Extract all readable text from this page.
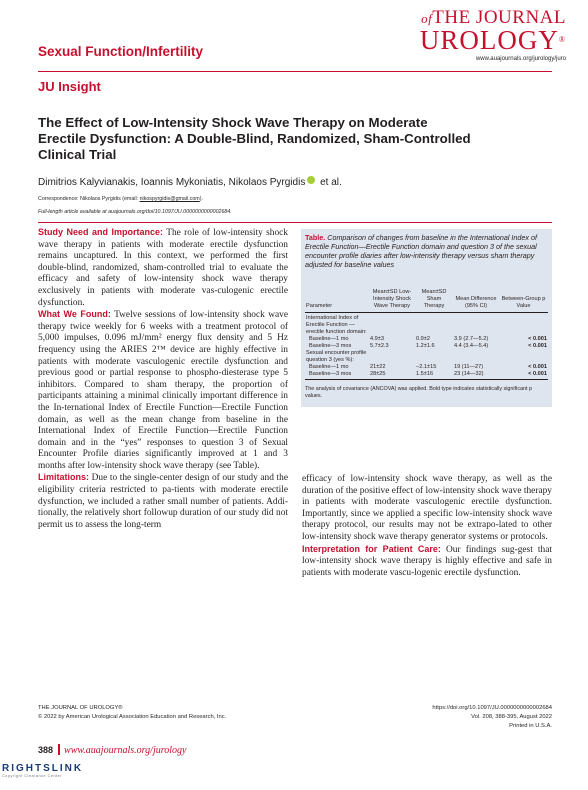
Sexual Function/Infertility
ofTHE JOURNAL
UROLOGY®
www.auajournals.org/jurology/juro
JU Insight
The Effect of Low-Intensity Shock Wave Therapy on Moderate Erectile Dysfunction: A Double-Blind, Randomized, Sham-Controlled Clinical Trial
Dimitrios Kalyvianakis, Ioannis Mykoniatis, Nikolaos Pyrgidis et al.
Correspondence: Nikolaos Pyrgidis (email: nikospyrgidis@gmail.com).
Full-length article available at auajournals.org/doi/10.1097/JU.0000000000002684.

Study Need and Importance: The role of low-intensity shock wave therapy in patients with moderate erectile dysfunction remains uncaptured. In this context, we performed the first double-blind, randomized, sham-controlled trial to evaluate the efficacy and safety of low-intensity shock wave therapy exclusively in patients with moderate vas-culogenic erectile dysfunction.

What We Found: Twelve sessions of low-intensity shock wave therapy twice weekly for 6 weeks with a treatment protocol of 5,000 impulses, 0.096 mJ/mm² energy flux density and 5 Hz frequency using the ARIES 2™ device are highly effective in patients with moderate vasculogenic erectile dysfunction and previous good or partial response to phospho-diesterase type 5 inhibitors. Compared to sham therapy, the proportion of participants attaining a minimal clinically important difference in the In-ternational Index of Erectile Function—Erectile Function domain, as well as the mean change from baseline in the International Index of Erectile Function—Erectile Function domain and in the “yes” responses to question 3 of Sexual Encounter Profile diaries significantly improved at 1 and 3 months after low-intensity shock wave therapy (see Table).

Limitations: Due to the single-center design of our study and the eligibility criteria restricted to pa-tients with moderate erectile dysfunction, we included a rather small number of patients. Addi-tionally, the relatively short followup duration of our study did not permit us to assess the long-term

Table. Comparison of changes from baseline in the International Index of Erectile Function—Erectile Function domain and question 3 of the sexual encounter profile diaries after low-intensity therapy versus sham therapy adjusted for baseline values
Parameter	Mean±SD Low-Intensity Shock Wave Therapy	Mean±SD Sham Therapy	Mean Difference (95% CI)	Between-Group p Value
International Index of Erectile Function —erectile function domain:				
Baseline—1 mo	4.9±3	0.9±2	3.9 (2.7—5.2)	< 0.001
Baseline—3 mos	5.7±2.3	1.2±1.6	4.4 (3.4—5.4)	< 0.001
Sexual encounter profile question 3 (yes %):				
Baseline—1 mo	21±22	−2.1±15	19 (11—27)	< 0.001
Baseline—3 mos	28±25	1.5±16	23 (14—32)	< 0.001
The analysis of covariance (ANCOVA) was applied. Bold type indicates statistically significant p values.

efficacy of low-intensity shock wave therapy, as well as the duration of the positive effect of low-intensity shock wave therapy in patients with moderate vasculogenic erectile dysfunction. Importantly, since we applied a specific low-intensity shock wave therapy protocol, our results may not be extrapo-lated to other low-intensity shock wave therapy generator systems or protocols.

Interpretation for Patient Care: Our findings sug-gest that low-intensity shock wave therapy is highly effective and safe in patients with moderate vascu-logenic erectile dysfunction.

THE JOURNAL OF UROLOGY®
© 2022 by American Urological Association Education and Research, Inc.
https://doi.org/10.1097/JU.0000000000002684
Vol. 208, 388-395, August 2022
Printed in U.S.A.
388 www.auajournals.org/jurology
RIGHTSLINK
Copyright Clearance Center
